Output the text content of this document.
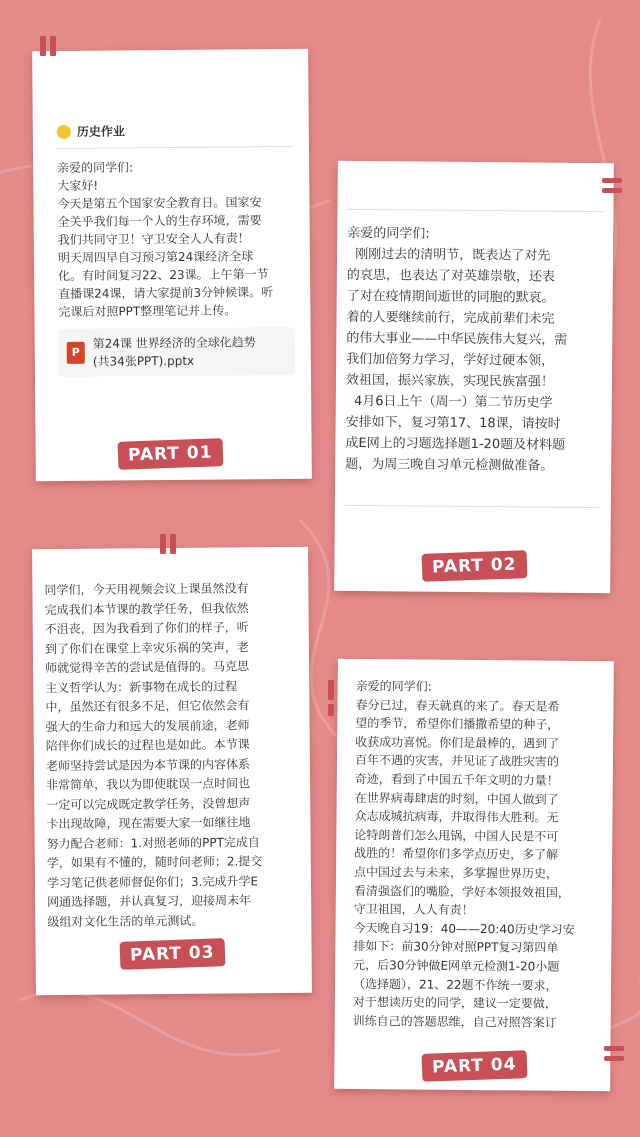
历史作业

亲爱的同学们:

大家好!

今天是第五个国家安全教育日。国家安
全关乎我们每一个人的生存环境，需要
我们共同守卫！守卫安全人人有责！
明天周四早自习预习第24课经济全球
化。有时间复习22、23课。上午第一节
直播课24课，请大家提前3分钟候课。听
完课后对照PPT整理笔记并上传。

P
第24课 世界经济的全球化趋势
(共34张PPT).pptx
PART 01

亲爱的同学们:

刚刚过去的清明节，既表达了对先
的哀思，也表达了对英雄崇敬，还表
了对在疫情期间逝世的同胞的默哀。
着的人要继续前行，完成前辈们未完
的伟大事业——中华民族伟大复兴，需
我们加倍努力学习，学好过硬本领，
效祖国，振兴家族，实现民族富强！
4月6日上午（周一）第二节历史学
安排如下，复习第17、18课，请按时
成E网上的习题选择题1-20题及材料题
题，为周三晚自习单元检测做准备。

PART 02

同学们，今天用视频会议上课虽然没有
完成我们本节课的教学任务，但我依然
不沮丧，因为我看到了你们的样子，听
到了你们在课堂上幸灾乐祸的笑声，老
师就觉得辛苦的尝试是值得的。马克思
主义哲学认为：新事物在成长的过程
中，虽然还有很多不足，但它依然会有
强大的生命力和远大的发展前途，老师
陪伴你们成长的过程也是如此。本节课
老师坚持尝试是因为本节课的内容体系
非常简单，我以为即使耽误一点时间也
一定可以完成既定教学任务，没曾想声
卡出现故障，现在需要大家一如继往地
努力配合老师：1.对照老师的PPT完成自
学，如果有不懂的，随时问老师；2.提交
学习笔记供老师督促你们；3.完成升学E
网通选择题，并认真复习，迎接周末年
级组对文化生活的单元测试。

PART 03

亲爱的同学们:

春分已过，春天就真的来了。春天是希
望的季节，希望你们播撒希望的种子，
收获成功喜悦。你们是最棒的，遇到了
百年不遇的灾害，并见证了战胜灾害的
奇迹，看到了中国五千年文明的力量！
在世界病毒肆虐的时刻，中国人做到了
众志成城抗病毒，并取得伟大胜利。无
论特朗普们怎么甩锅，中国人民是不可
战胜的！希望你们多学点历史，多了解
点中国过去与未来，多掌握世界历史，
看清强盗们的嘴脸，学好本领报效祖国，
守卫祖国，人人有责！
今天晚自习19：40——20:40历史学习安
排如下：前30分钟对照PPT复习第四单
元，后30分钟做E网单元检测1-20小题
（选择题），21、22题不作统一要求，
对于想读历史的同学，建议一定要做，
训练自己的答题思维，自己对照答案订

PART 04
